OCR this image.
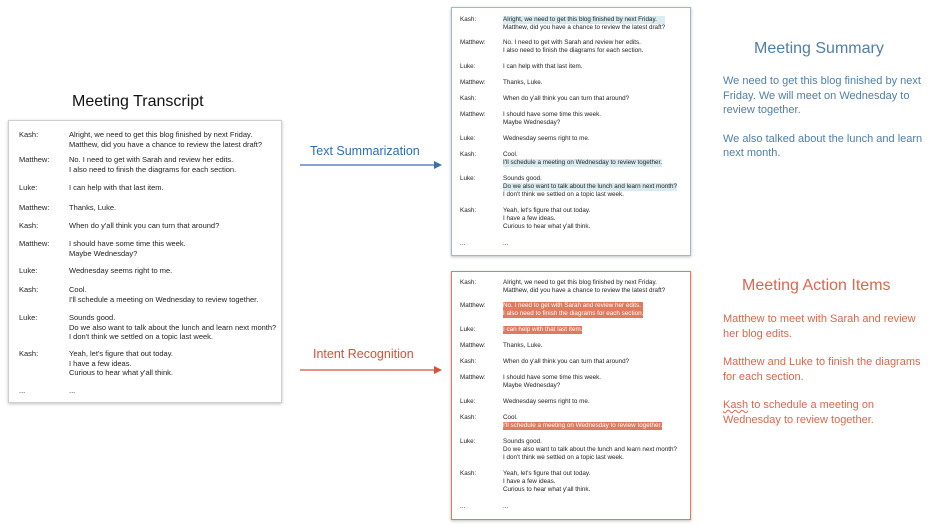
Meeting Transcript
Kash:	Alright, we need to get this blog finished by next Friday.
Matthew, did you have a chance to review the latest draft?
Matthew:	No. I need to get with Sarah and review her edits.
I also need to finish the diagrams for each section.
Luke:	I can help with that last item.
Matthew:	Thanks, Luke.
Kash:	When do y'all think you can turn that around?
Matthew:	I should have some time this week.
Maybe Wednesday?
Luke:	Wednesday seems right to me.
Kash:	Cool.
I'll schedule a meeting on Wednesday to review together.
Luke:	Sounds good.
Do we also want to talk about the lunch and learn next month?
I don't think we settled on a topic last week.
Kash:	Yeah, let's figure that out today.
I have a few ideas.
Curious to hear what y'all think.
...	...
Text Summarization
Intent Recognition
Kash:	Alright, we need to get this blog finished by next Friday.
Matthew, did you have a chance to review the latest draft?
Matthew:	No. I need to get with Sarah and review her edits.
I also need to finish the diagrams for each section.
Luke:	I can help with that last item.
Matthew:	Thanks, Luke.
Kash:	When do y'all think you can turn that around?
Matthew:	I should have some time this week.
Maybe Wednesday?
Luke:	Wednesday seems right to me.
Kash:	Cool.
I'll schedule a meeting on Wednesday to review together.
Luke:	Sounds good.
Do we also want to talk about the lunch and learn next month?
I don't think we settled on a topic last week.
Kash:	Yeah, let's figure that out today.
I have a few ideas.
Curious to hear what y'all think.
...	...
Kash:	Alright, we need to get this blog finished by next Friday.
Matthew, did you have a chance to review the latest draft?
Matthew:	No. I need to get with Sarah and review her edits.
I also need to finish the diagrams for each section.
Luke:	I can help with that last item.
Matthew:	Thanks, Luke.
Kash:	When do y'all think you can turn that around?
Matthew:	I should have some time this week.
Maybe Wednesday?
Luke:	Wednesday seems right to me.
Kash:	Cool.
I'll schedule a meeting on Wednesday to review together.
Luke:	Sounds good.
Do we also want to talk about the lunch and learn next month?
I don't think we settled on a topic last week.
Kash:	Yeah, let's figure that out today.
I have a few ideas.
Curious to hear what y'all think.
...	...
Meeting Summary

We need to get this blog finished by next Friday. We will meet on Wednesday to review together.

We also talked about the lunch and learn next month.

Meeting Action Items

Matthew to meet with Sarah and review her blog edits.

Matthew and Luke to finish the diagrams for each section.

Kash to schedule a meeting on Wednesday to review together.
